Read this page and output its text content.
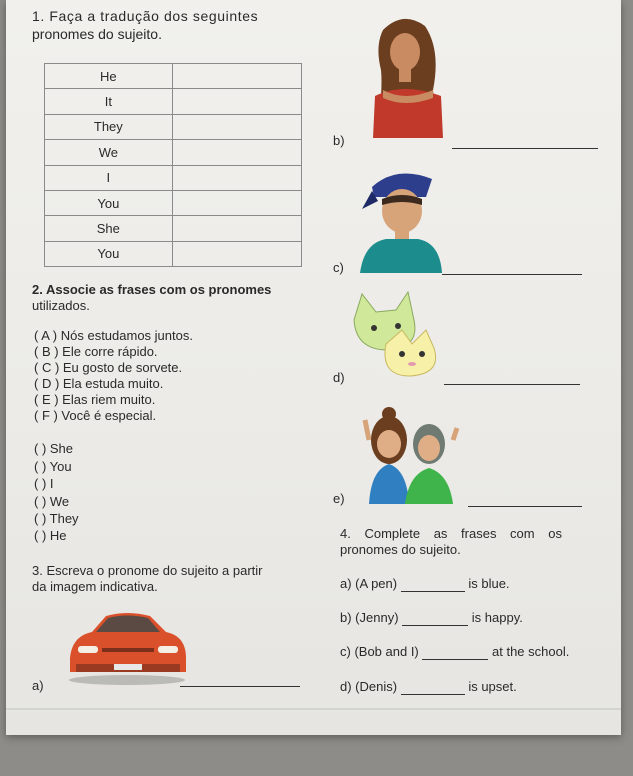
1. Faça a tradução dos seguintes
pronomes do sujeito.
He	
It	
They	
We	
I	
You	
She	
You	
2. Associe as frases com os pronomes
utilizados.
( A ) Nós estudamos juntos.
( B ) Ele corre rápido.
( C ) Eu gosto de sorvete.
( D ) Ela estuda muito.
( E ) Elas riem muito.
( F ) Você é especial.
( ) She
( ) You
( ) I
( ) We
( ) They
( ) He
3. Escreva o pronome do sujeito a partir
da imagem indicativa.
a)
b)
c)
d)
e)
4. Complete as frases com os
pronomes do sujeito.
a) (A pen)	is blue.
b) (Jenny)	is happy.
c) (Bob and I)	at the school.
d) (Denis)	is upset.
